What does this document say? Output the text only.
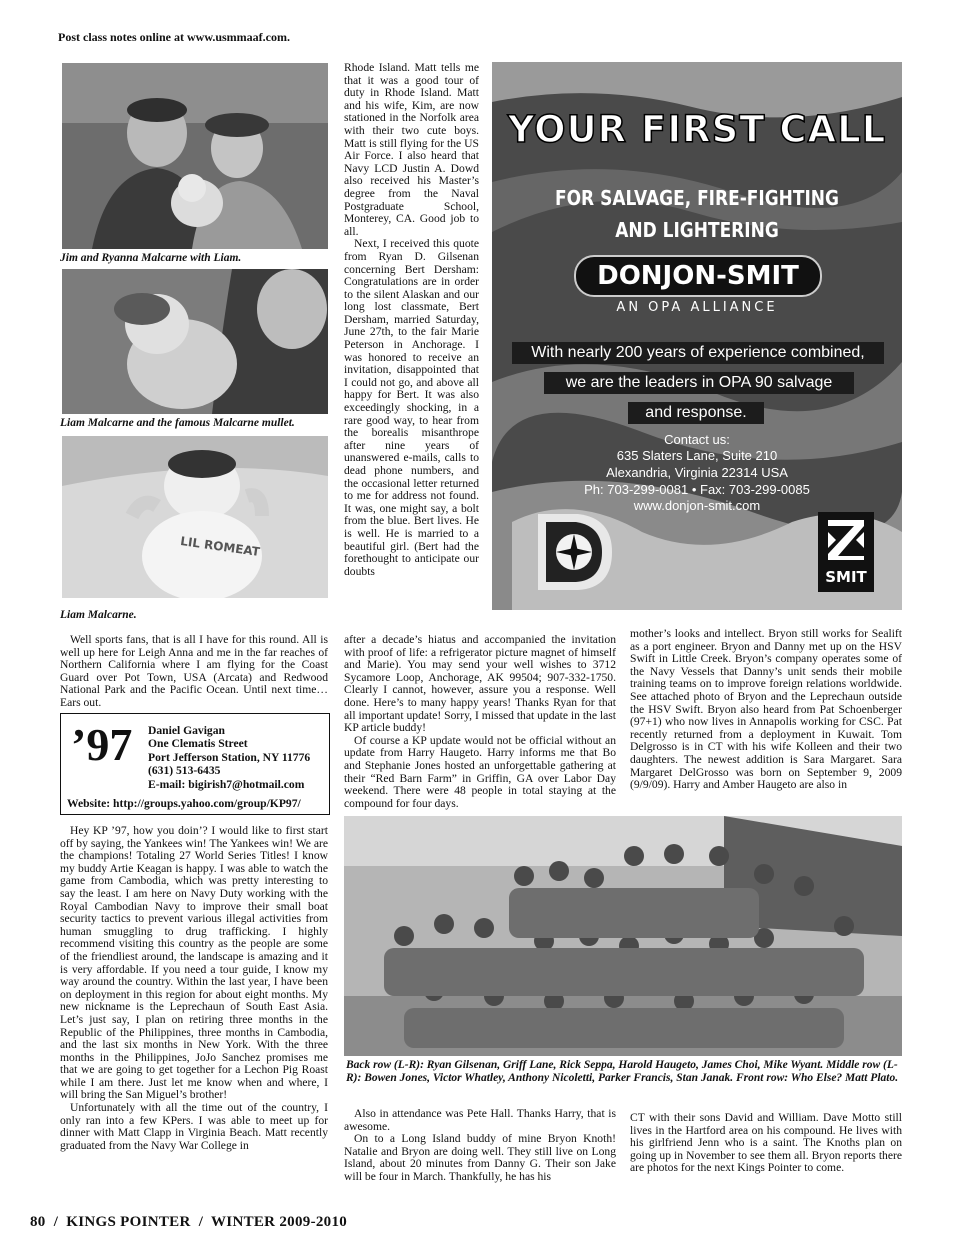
Post class notes online at www.usmmaaf.com.
Jim and Ryanna Malcarne with Liam.
Liam Malcarne and the famous Malcarne mullet.
LIL ROMEAT
Liam Malcarne.

Well sports fans, that is all I have for this round. All is well up here for Leigh Anna and me in the far reaches of Northern California where I am flying for the Coast Guard over Pot Town, USA (Arcata) and Redwood National Park and the Pacific Ocean. Until next time…Ears out.

’97 Daniel Gavigan
One Clematis Street
Port Jefferson Station, NY 11776
(631) 513-6435
E-mail: bigirish7@hotmail.com
Website: http://groups.yahoo.com/group/KP97/

Hey KP ’97, how you doin’? I would like to first start off by saying, the Yankees win! The Yankees win! We are the champions! Totaling 27 World Series Titles! I know my buddy Artie Keagan is happy. I was able to watch the game from Cambodia, which was pretty interesting to say the least. I am here on Navy Duty working with the Royal Cambodian Navy to improve their small boat security tactics to prevent various illegal activities from human smuggling to drug trafficking. I highly recommend visiting this country as the people are some of the friendliest around, the landscape is amazing and it is very affordable. If you need a tour guide, I know my way around the country. Within the last year, I have been on deployment in this region for about eight months. My new nickname is the Leprechaun of South East Asia. Let’s just say, I plan on retiring three months in the Republic of the Philippines, three months in Cambodia, and the last six months in New York. With the three months in the Philippines, JoJo Sanchez promises me that we are going to get together for a Lechon Pig Roast while I am there. Just let me know when and where, I will bring the San Miguel’s brother!

Unfortunately with all the time out of the country, I only ran into a few KPers. I was able to meet up for dinner with Matt Clapp in Virginia Beach. Matt recently graduated from the Navy War College in

Rhode Island. Matt tells me that it was a good tour of duty in Rhode Island. Matt and his wife, Kim, are now stationed in the Norfolk area with their two cute boys. Matt is still flying for the US Air Force. I also heard that Navy LCD Justin A. Dowd also received his Master’s degree from the Naval Postgraduate School, Monterey, CA. Good job to all.

Next, I received this quote from Ryan D. Gilsenan concerning Bert Dersham: Congratulations are in order to the silent Alaskan and our long lost classmate, Bert Dersham, married Saturday, June 27th, to the fair Marie Peterson in Anchorage. I was honored to receive an invitation, disappointed that I could not go, and above all happy for Bert. It was also exceedingly shocking, in a rare good way, to hear from the borealis misanthrope after nine years of unanswered e-mails, calls to dead phone numbers, and the occasional letter returned to me for address not found. It was, one might say, a bolt from the blue. Bert lives. He is well. He is married to a beautiful girl. (Bert had the forethought to anticipate our doubts

after a decade’s hiatus and accompanied the invitation with proof of life: a refrigerator picture magnet of himself and Marie). You may send your well wishes to 3712 Sycamore Loop, Anchorage, AK 99504; 907-332-1750. Clearly I cannot, however, assure you a response. Well done. Here’s to many happy years! Thanks Ryan for that all important update! Sorry, I missed that update in the last KP article buddy!

Of course a KP update would not be official without an update from Harry Haugeto. Harry informs me that Bo and Stephanie Jones hosted an unforgettable gathering at their “Red Barn Farm” in Griffin, GA over Labor Day weekend. There were 48 people in total staying at the compound for four days.

mother’s looks and intellect. Bryon still works for Sealift as a port engineer. Bryon and Danny met up on the HSV Swift in Little Creek. Bryon’s company operates some of the Navy Vessels that Danny’s unit sends their mobile training teams on to improve foreign relations worldwide. See attached photo of Bryon and the Leprechaun outside the HSV Swift. Bryon also heard from Pat Schoenberger (97+1) who now lives in Annapolis working for CSC. Pat recently returned from a deployment in Kuwait. Tom Delgrosso is in CT with his wife Kolleen and their two daughters. The newest addition is Sara Margaret. Sara Margaret DelGrosso was born on September 9, 2009 (9/9/09). Harry and Amber Haugeto are also in

YOUR FIRST CALL
FOR SALVAGE, FIRE-FIGHTING
AND LIGHTERING
DONJON-SMIT
AN OPA ALLIANCE
With nearly 200 years of experience combined,
we are the leaders in OPA 90 salvage
and response.
Contact us:
635 Slaters Lane, Suite 210
Alexandria, Virginia 22314 USA
Ph: 703-299-0081 • Fax: 703-299-0085
www.donjon-smit.com
SMIT
Back row (L-R): Ryan Gilsenan, Griff Lane, Rick Seppa, Harold Haugeto, James Choi, Mike Wyant. Middle row (L-R): Bowen Jones, Victor Whatley, Anthony Nicoletti, Parker Francis, Stan Janak. Front row: Who Else? Matt Plato.

Also in attendance was Pete Hall. Thanks Harry, that is awesome.

On to a Long Island buddy of mine Bryon Knoth! Natalie and Bryon are doing well. They still live on Long Island, about 20 minutes from Danny G. Their son Jake will be four in March. Thankfully, he has his

CT with their sons David and William. Dave Motto still lives in the Hartford area on his compound. He lives with his girlfriend Jenn who is a saint. The Knoths plan on going up in November to see them all. Bryon reports there are photos for the next Kings Pointer to come.

80  /  KINGS POINTER  /  WINTER 2009-2010
